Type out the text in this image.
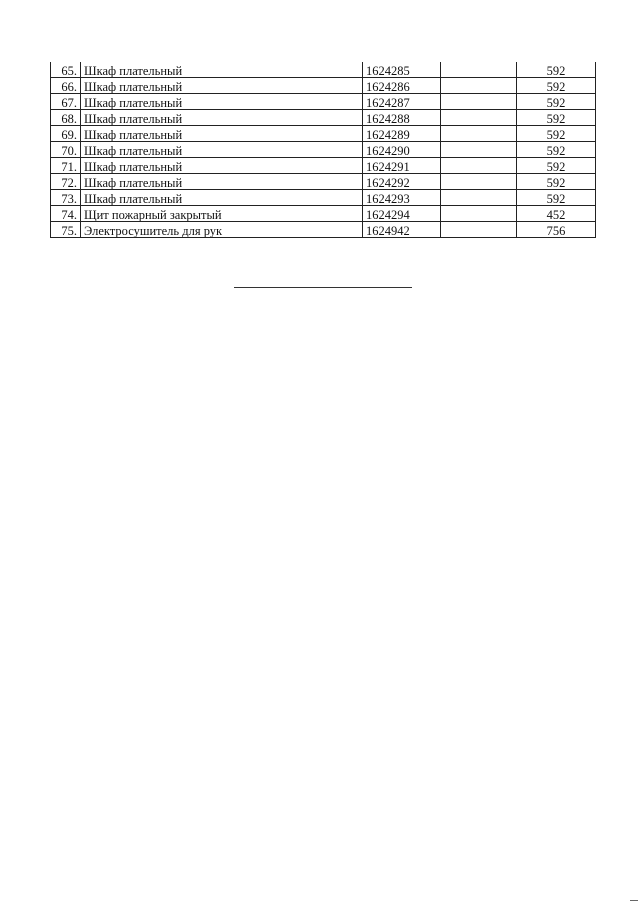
65.	Шкаф плательный	1624285		592
66.	Шкаф плательный	1624286		592
67.	Шкаф плательный	1624287		592
68.	Шкаф плательный	1624288		592
69.	Шкаф плательный	1624289		592
70.	Шкаф плательный	1624290		592
71.	Шкаф плательный	1624291		592
72.	Шкаф плательный	1624292		592
73.	Шкаф плательный	1624293		592
74.	Щит пожарный закрытый	1624294		452
75.	Электросушитель для рук	1624942		756
